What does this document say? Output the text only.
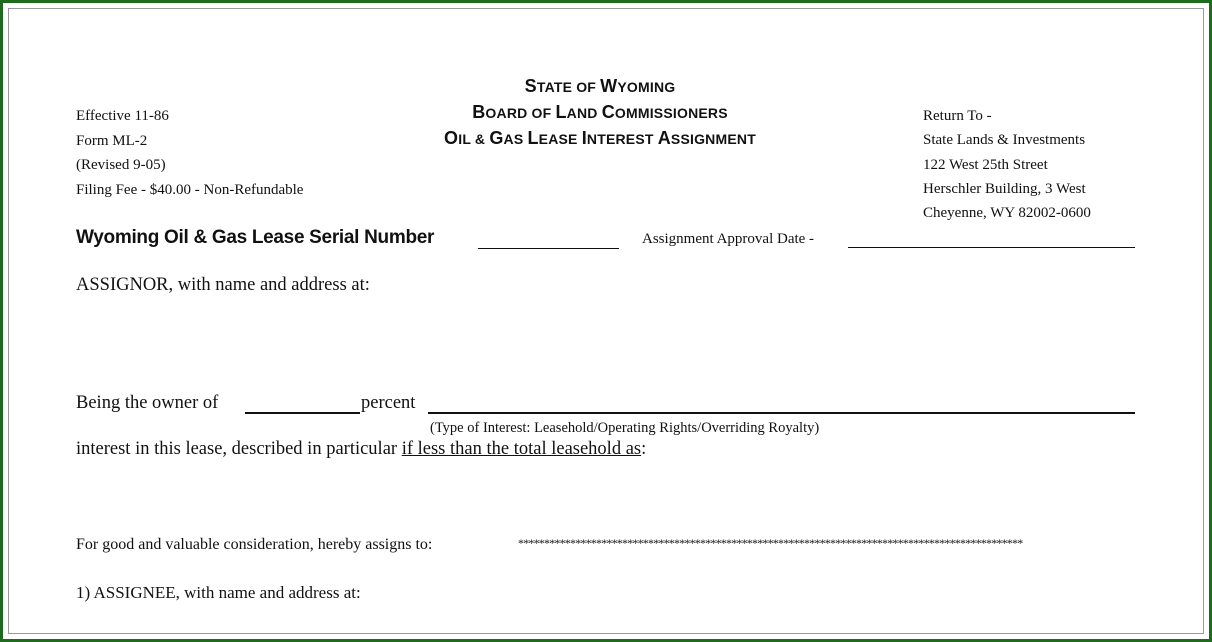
Effective 11-86
Form ML-2
(Revised 9-05)
Filing Fee - $40.00 - Non-Refundable
STATE OF WYOMING
BOARD OF LAND COMMISSIONERS
OIL & GAS LEASE INTEREST ASSIGNMENT
Return To -
State Lands & Investments
122 West 25th Street
Herschler Building, 3 West
Cheyenne, WY 82002-0600
Wyoming Oil & Gas Lease Serial Number	Assignment Approval Date -
ASSIGNOR, with name and address at:
Being the owner of	percent
(Type of Interest: Leasehold/Operating Rights/Overriding Royalty)
interest in this lease, described in particular if less than the total leasehold as:
For good and valuable consideration, hereby assigns to:	*************************************************************************************************
1) ASSIGNEE, with name and address at:
